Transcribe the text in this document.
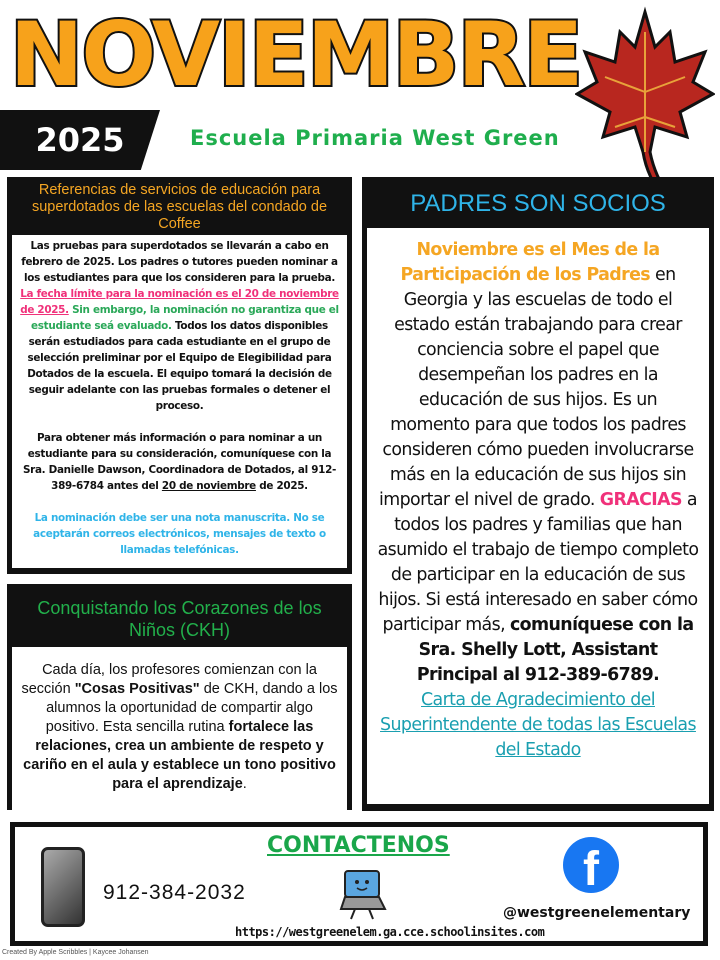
NOVIEMBRE
2025	Escuela Primaria West Green
Referencias de servicios de educación para superdotados de las escuelas del condado de Coffee

Las pruebas para superdotados se llevarán a cabo en febrero de 2025. Los padres o tutores pueden nominar a los estudiantes para que los consideren para la prueba. La fecha límite para la nominación es el 20 de noviembre de 2025. Sin embargo, la nominación no garantiza que el estudiante seá evaluado. Todos los datos disponibles serán estudiados para cada estudiante en el grupo de selección preliminar por el Equipo de Elegibilidad para Dotados de la escuela. El equipo tomará la decisión de seguir adelante con las pruebas formales o detener el proceso.

Para obtener más información o para nominar a un estudiante para su consideración, comuníquese con la Sra. Danielle Dawson, Coordinadora de Dotados, al 912-389-6784 antes del 20 de noviembre de 2025.

La nominación debe ser una nota manuscrita. No se aceptarán correos electrónicos, mensajes de texto o llamadas telefónicas.

Conquistando los Corazones de los Niños (CKH)
Cada día, los profesores comienzan con la sección "Cosas Positivas" de CKH, dando a los alumnos la oportunidad de compartir algo positivo. Esta sencilla rutina fortalece las relaciones, crea un ambiente de respeto y cariño en el aula y establece un tono positivo para el aprendizaje.
PADRES SON SOCIOS
Noviembre es el Mes de la Participación de los Padres en Georgia y las escuelas de todo el estado están trabajando para crear conciencia sobre el papel que desempeñan los padres en la educación de sus hijos. Es un momento para que todos los padres consideren cómo pueden involucrarse más en la educación de sus hijos sin importar el nivel de grado. GRACIAS a todos los padres y familias que han asumido el trabajo de tiempo completo de participar en la educación de sus hijos. Si está interesado en saber cómo participar más, comuníquese con la Sra. Shelly Lott, Assistant Principal al 912-389-6789.
Carta de Agradecimiento del Superintendente de todas las Escuelas del Estado
CONTACTENOS
912-384-2032
https://westgreenelem.ga.cce.schoolinsites.com
f
@westgreenelementary
Created By Apple Scribbles | Kaycee Johansen
